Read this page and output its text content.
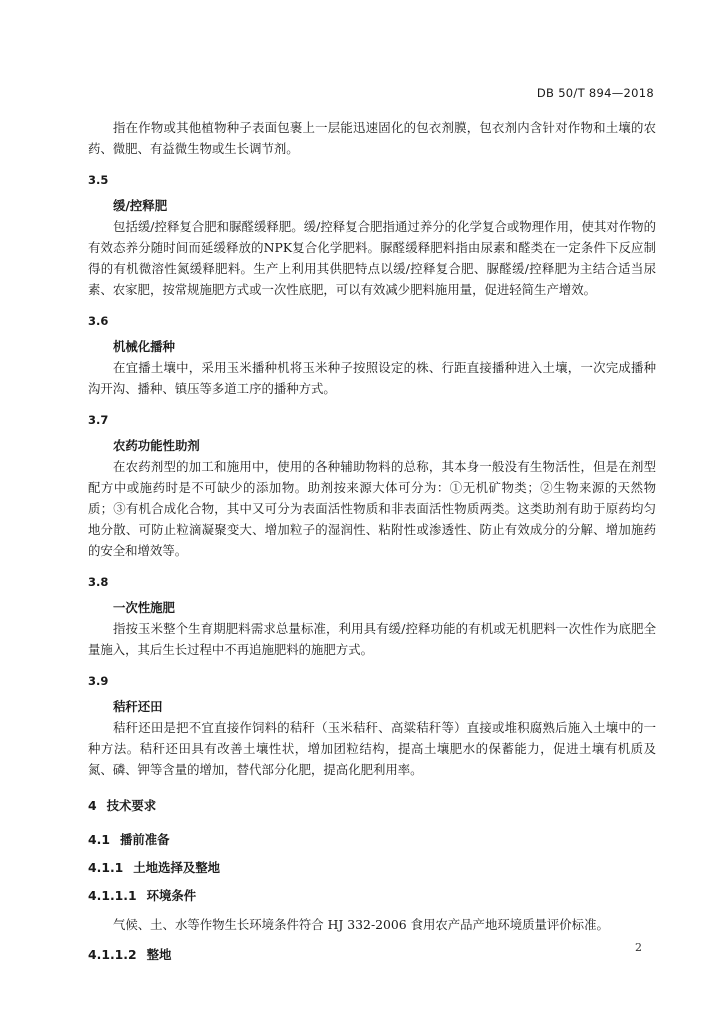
DB 50/T 894—2018

指在作物或其他植物种子表面包裹上一层能迅速固化的包衣剂膜，包衣剂内含针对作物和土壤的农药、微肥、有益微生物或生长调节剂。

3.5

缓/控释肥

包括缓/控释复合肥和脲醛缓释肥。缓/控释复合肥指通过养分的化学复合或物理作用，使其对作物的有效态养分随时间而延缓释放的NPK复合化学肥料。脲醛缓释肥料指由尿素和醛类在一定条件下反应制得的有机微溶性氮缓释肥料。生产上利用其供肥特点以缓/控释复合肥、脲醛缓/控释肥为主结合适当尿素、农家肥，按常规施肥方式或一次性底肥，可以有效减少肥料施用量，促进轻简生产增效。

3.6

机械化播种

在宜播土壤中，采用玉米播种机将玉米种子按照设定的株、行距直接播种进入土壤，一次完成播种沟开沟、播种、镇压等多道工序的播种方式。

3.7

农药功能性助剂

在农药剂型的加工和施用中，使用的各种辅助物料的总称，其本身一般没有生物活性，但是在剂型配方中或施药时是不可缺少的添加物。助剂按来源大体可分为：①无机矿物类；②生物来源的天然物质；③有机合成化合物，其中又可分为表面活性物质和非表面活性物质两类。这类助剂有助于原药均匀地分散、可防止粒滴凝聚变大、增加粒子的湿润性、粘附性或渗透性、防止有效成分的分解、增加施药的安全和增效等。

3.8

一次性施肥

指按玉米整个生育期肥料需求总量标准，利用具有缓/控释功能的有机或无机肥料一次性作为底肥全量施入，其后生长过程中不再追施肥料的施肥方式。

3.9

秸秆还田

秸秆还田是把不宜直接作饲料的秸秆（玉米秸秆、高粱秸秆等）直接或堆积腐熟后施入土壤中的一种方法。秸秆还田具有改善土壤性状，增加团粒结构，提高土壤肥水的保蓄能力，促进土壤有机质及氮、磷、钾等含量的增加，替代部分化肥，提高化肥利用率。

4 技术要求
4.1 播前准备
4.1.1 土地选择及整地
4.1.1.1 环境条件

气候、土、水等作物生长环境条件符合 HJ 332-2006 食用农产品产地环境质量评价标准。

4.1.1.2 整地	2
